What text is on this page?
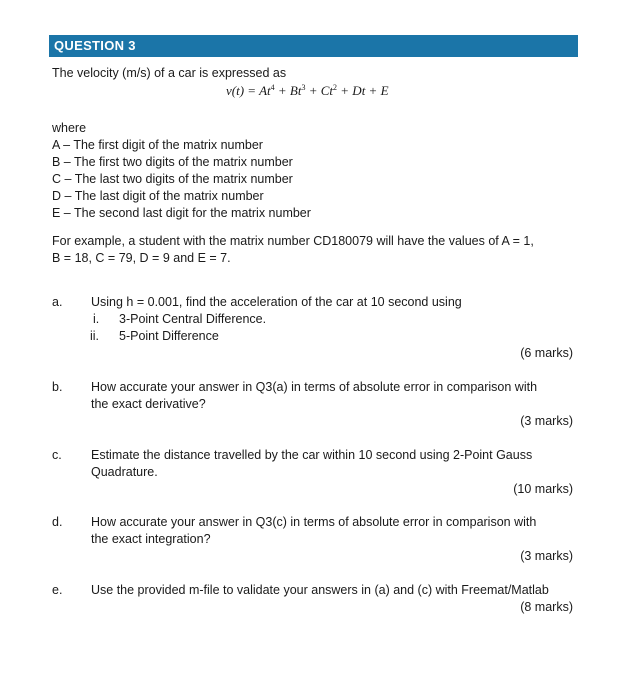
QUESTION 3
The velocity (m/s) of a car is expressed as
$v(t) = At^4 + Bt^3 + Ct^2 + Dt + E$
where
A – The first digit of the matrix number
B – The first two digits of the matrix number
C – The last two digits of the matrix number
D – The last digit of the matrix number
E – The second last digit for the matrix number
For example, a student with the matrix number CD180079 will have the values of A = 1,
B = 18, C = 79, D = 9 and E = 7.
a. Using h = 0.001, find the acceleration of the car at 10 second using
i. 3-Point Central Difference.
ii. 5-Point Difference
(6 marks)
b. How accurate your answer in Q3(a) in terms of absolute error in comparison with
the exact derivative?
(3 marks)
c. Estimate the distance travelled by the car within 10 second using 2-Point Gauss
Quadrature.
(10 marks)
d. How accurate your answer in Q3(c) in terms of absolute error in comparison with
the exact integration?
(3 marks)
e. Use the provided m-file to validate your answers in (a) and (c) with Freemat/Matlab
(8 marks)
